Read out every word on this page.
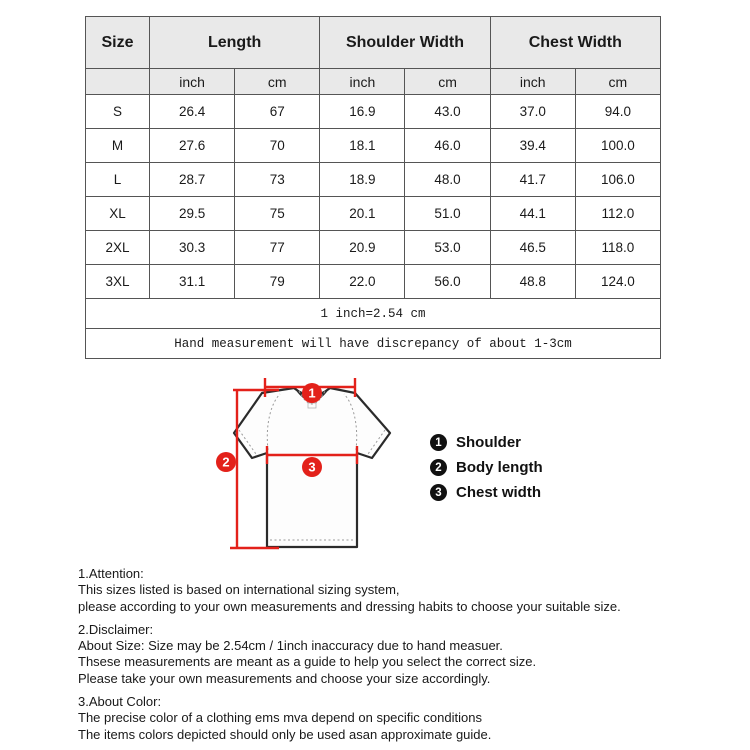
Size	Length		Shoulder Width		Chest Width	
	inch	cm	inch	cm	inch	cm
S	26.4	67	16.9	43.0	37.0	94.0
M	27.6	70	18.1	46.0	39.4	100.0
L	28.7	73	18.9	48.0	41.7	106.0
XL	29.5	75	20.1	51.0	44.1	112.0
2XL	30.3	77	20.9	53.0	46.5	118.0
3XL	31.1	79	22.0	56.0	48.8	124.0
1 inch=2.54 cm						
Hand measurement will have discrepancy of about 1-3cm						
1
2	3
1 Shoulder
2 Body length
3 Chest width
1.Attention:
This sizes listed is based on international sizing system,
please according to your own measurements and dressing habits to choose your suitable size.
2.Disclaimer:
About Size: Size may be 2.54cm / 1inch inaccuracy due to hand measuer.
Thsese measurements are meant as a guide to help you select the correct size.
Please take your own measurements and choose your size accordingly.
3.About Color:
The precise color of a clothing ems mva depend on specific conditions
The items colors depicted should only be used asan approximate guide.
